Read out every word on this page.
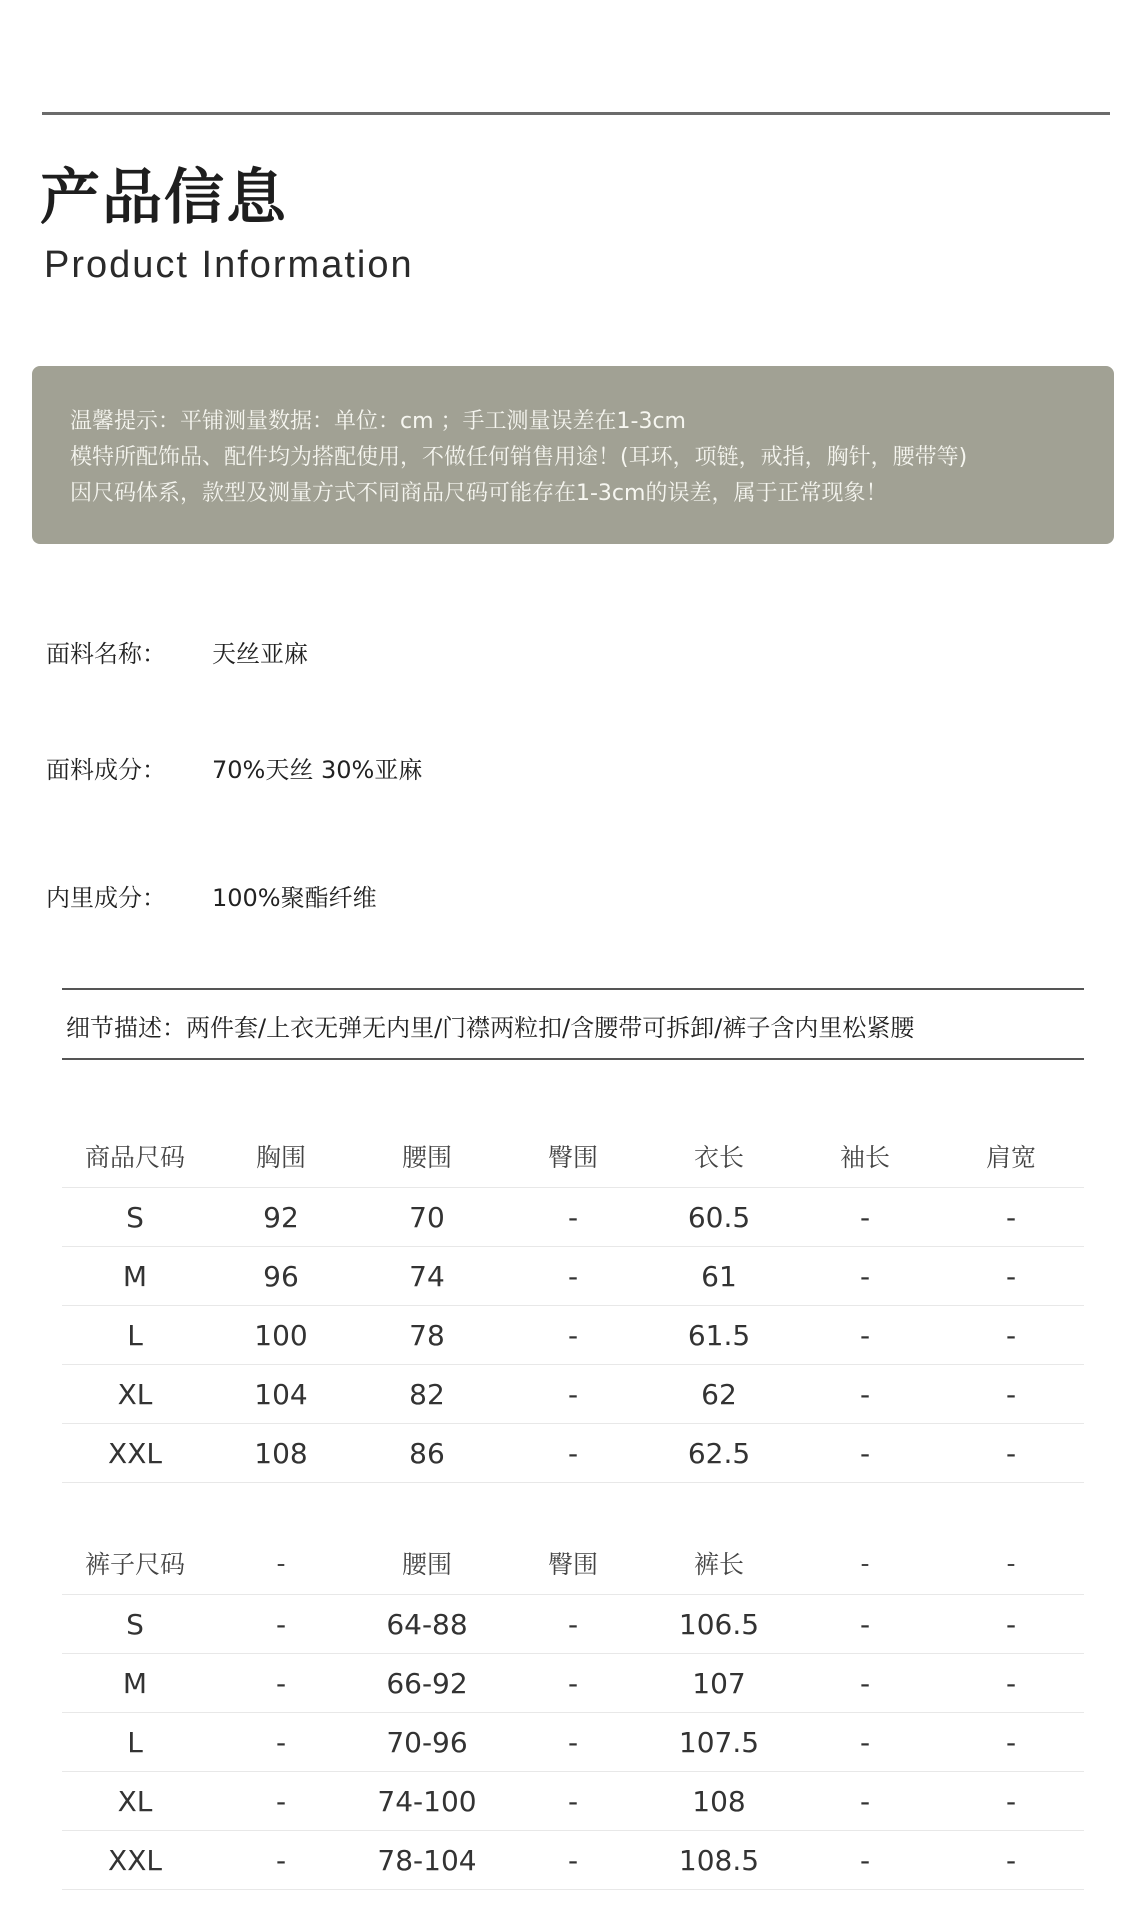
产品信息
Product Information
温馨提示：平铺测量数据：单位：cm ；手工测量误差在1-3cm
模特所配饰品、配件均为搭配使用，不做任何销售用途！(耳环，项链，戒指，胸针，腰带等)
因尺码体系，款型及测量方式不同商品尺码可能存在1-3cm的误差，属于正常现象！
面料名称： 天丝亚麻
面料成分： 70%天丝 30%亚麻
内里成分： 100%聚酯纤维
细节描述：两件套/上衣无弹无内里/门襟两粒扣/含腰带可拆卸/裤子含内里松紧腰
商品尺码	胸围	腰围	臀围	衣长	袖长	肩宽
S	92	70	-	60.5	-	-
M	96	74	-	61	-	-
L	100	78	-	61.5	-	-
XL	104	82	-	62	-	-
XXL	108	86	-	62.5	-	-
裤子尺码	-	腰围	臀围	裤长	-	-
S	-	64-88	-	106.5	-	-
M	-	66-92	-	107	-	-
L	-	70-96	-	107.5	-	-
XL	-	74-100	-	108	-	-
XXL	-	78-104	-	108.5	-	-
